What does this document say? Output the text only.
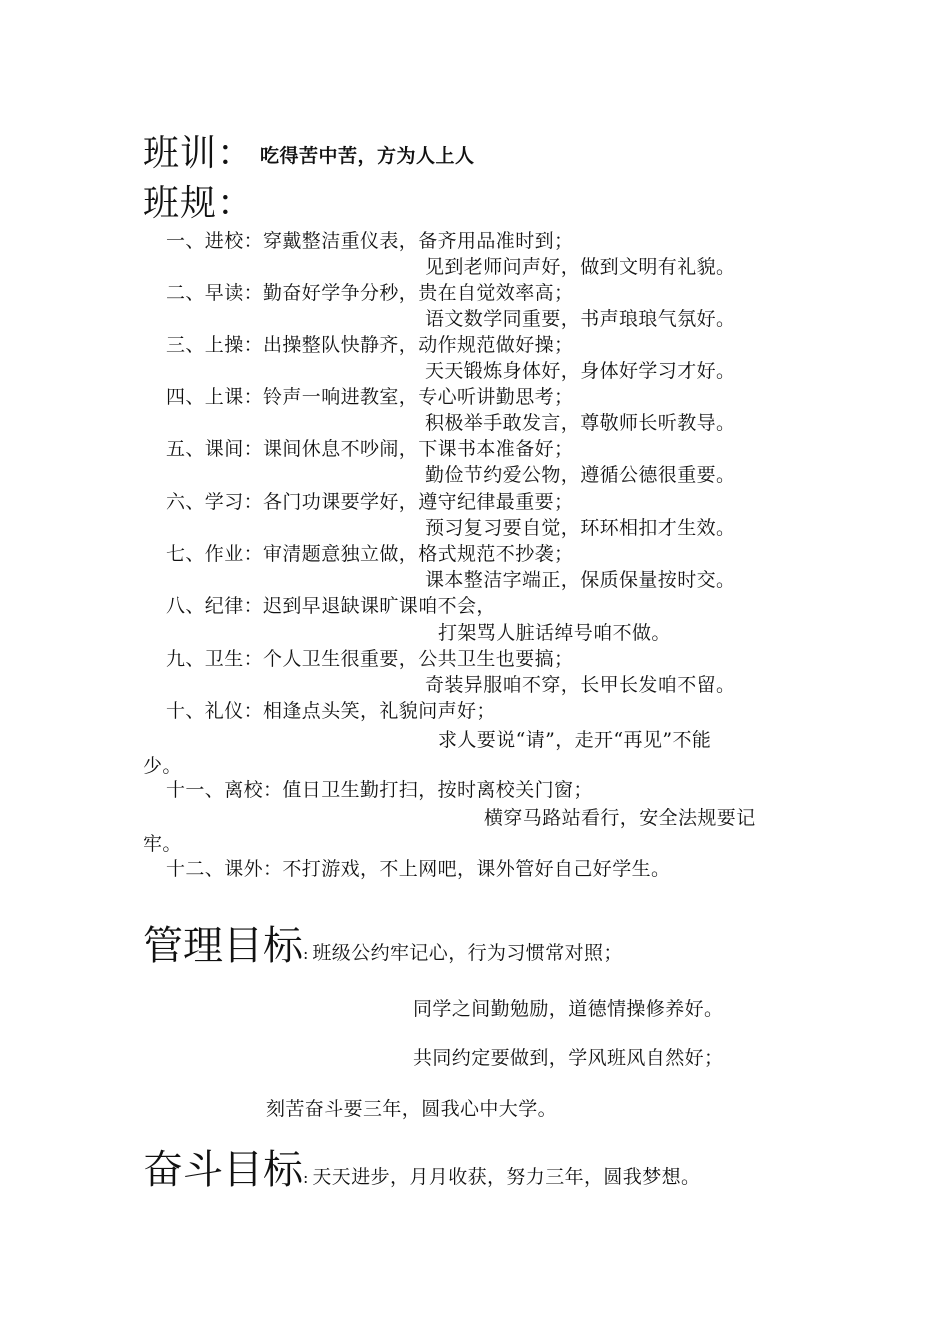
班训： 吃得苦中苦，方为人上人
班规：
一、进校：穿戴整洁重仪表，备齐用品准时到；
见到老师问声好，做到文明有礼貌。
二、早读：勤奋好学争分秒，贵在自觉效率高；
语文数学同重要，书声琅琅气氛好。
三、上操：出操整队快静齐，动作规范做好操；
天天锻炼身体好，身体好学习才好。
四、上课：铃声一响进教室，专心听讲勤思考；
积极举手敢发言，尊敬师长听教导。
五、课间：课间休息不吵闹，下课书本准备好；
勤俭节约爱公物，遵循公德很重要。
六、学习：各门功课要学好，遵守纪律最重要；
预习复习要自觉，环环相扣才生效。
七、作业：审清题意独立做，格式规范不抄袭；
课本整洁字端正，保质保量按时交。
八、纪律：迟到早退缺课旷课咱不会，
打架骂人脏话绰号咱不做。
九、卫生：个人卫生很重要，公共卫生也要搞；
奇装异服咱不穿，长甲长发咱不留。
十、礼仪：相逢点头笑，礼貌问声好；
求人要说“请”，走开“再见”不能
少。
十一、离校：值日卫生勤打扫，按时离校关门窗；
横穿马路站看行，安全法规要记
牢。
十二、课外：不打游戏，不上网吧，课外管好自己好学生。
管理目标: 班级公约牢记心，行为习惯常对照；
同学之间勤勉励，道德情操修养好。
共同约定要做到，学风班风自然好；
刻苦奋斗要三年，圆我心中大学。
奋斗目标: 天天进步，月月收获，努力三年，圆我梦想。
